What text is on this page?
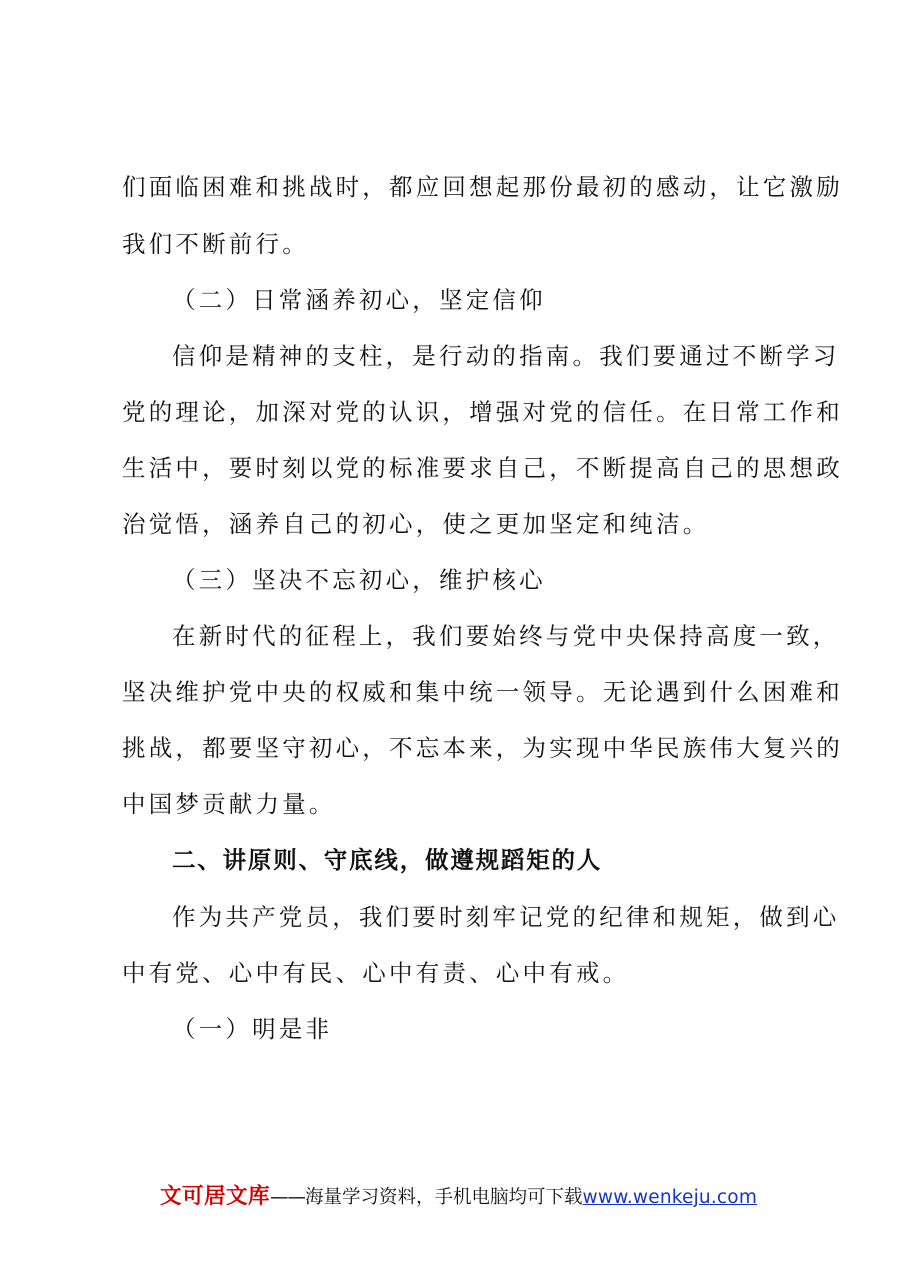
们面临困难和挑战时，都应回想起那份最初的感动，让它激励
我们不断前行。
（二）日常涵养初心，坚定信仰
信仰是精神的支柱，是行动的指南。我们要通过不断学习
党的理论，加深对党的认识，增强对党的信任。在日常工作和
生活中，要时刻以党的标准要求自己，不断提高自己的思想政
治觉悟，涵养自己的初心，使之更加坚定和纯洁。
（三）坚决不忘初心，维护核心
在新时代的征程上，我们要始终与党中央保持高度一致，
坚决维护党中央的权威和集中统一领导。无论遇到什么困难和
挑战，都要坚守初心，不忘本来，为实现中华民族伟大复兴的
中国梦贡献力量。
二、讲原则、守底线，做遵规蹈矩的人
作为共产党员，我们要时刻牢记党的纪律和规矩，做到心
中有党、心中有民、心中有责、心中有戒。
（一）明是非
文可居文库——海量学习资料，手机电脑均可下载www.wenkeju.com
